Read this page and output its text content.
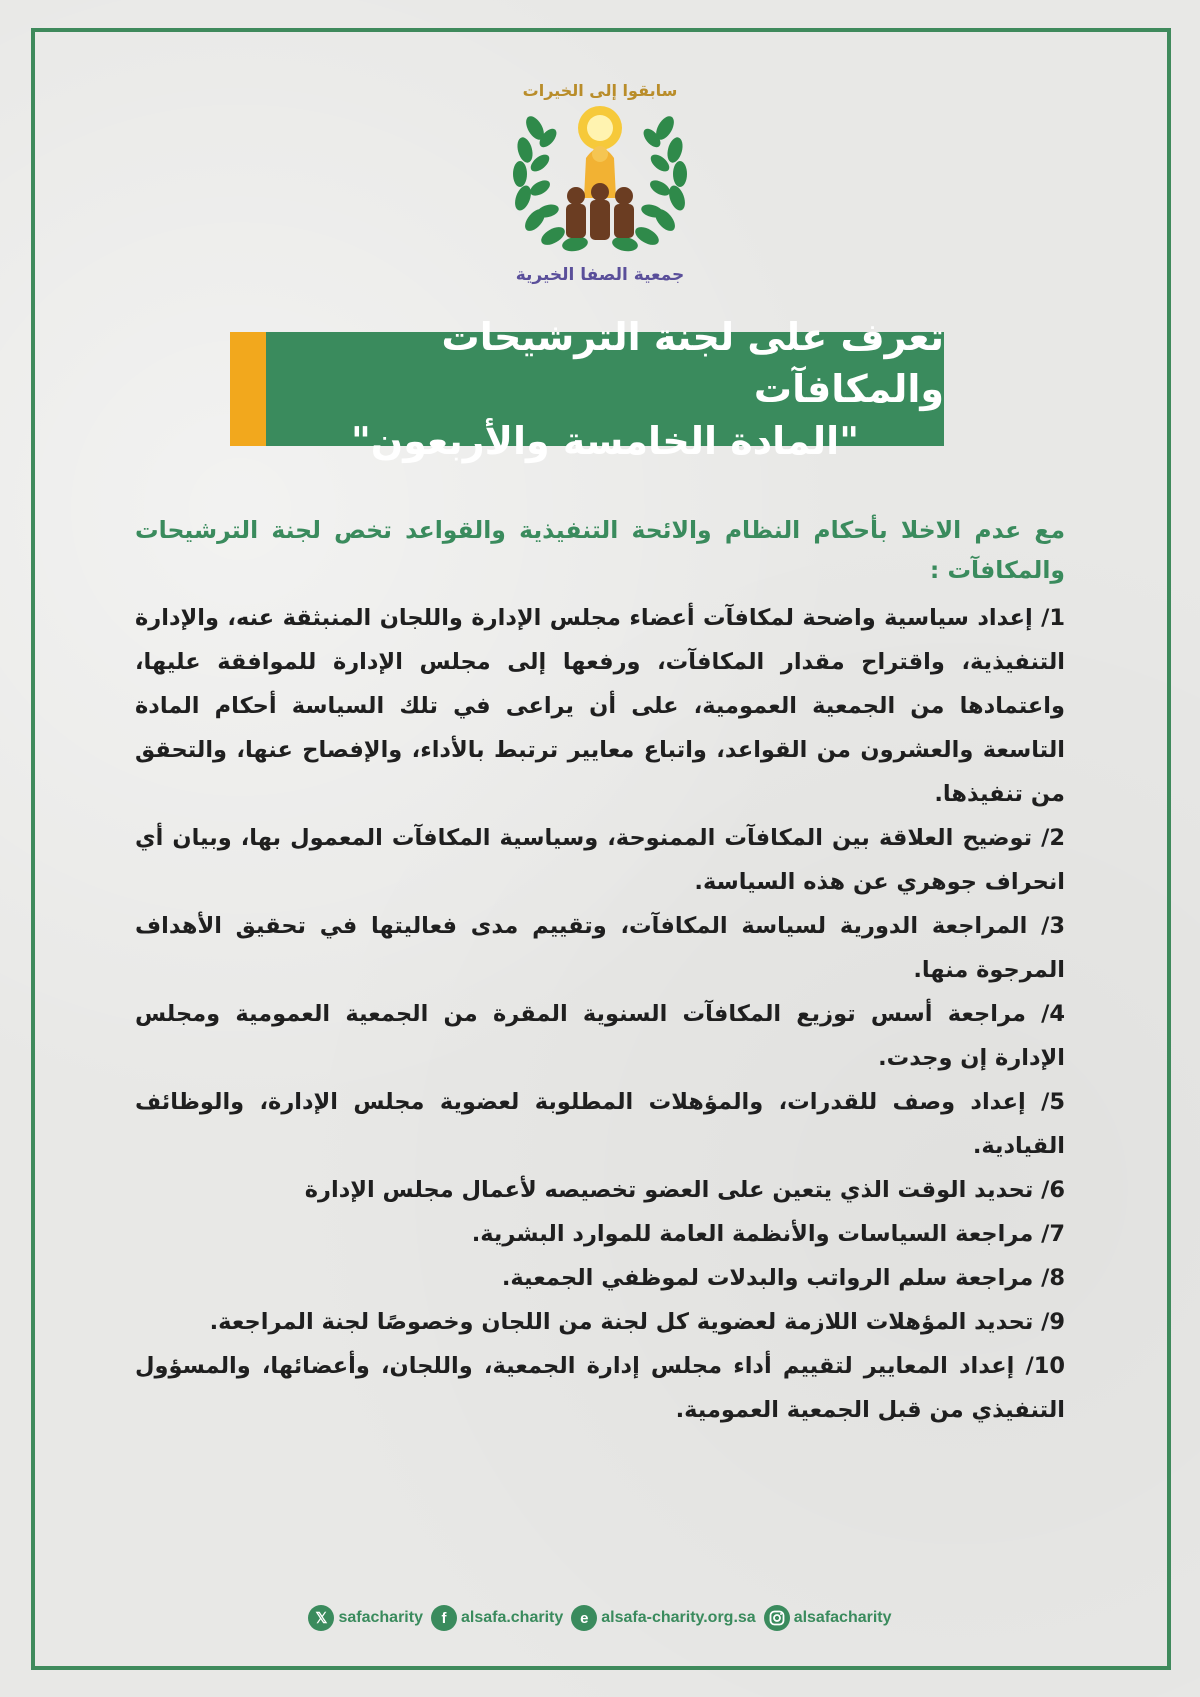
سابقوا إلى الخيرات
جمعية الصفا الخيرية
تعرف على لجنة الترشيحات والمكافآت
"المادة الخامسة والأربعون"

مع عدم الاخلا بأحكام النظام والائحة التنفيذية والقواعد تخص لجنة الترشيحات والمكافآت :

1/ إعداد سياسية واضحة لمكافآت أعضاء مجلس الإدارة واللجان المنبثقة عنه، والإدارة التنفيذية، واقتراح مقدار المكافآت، ورفعها إلى مجلس الإدارة للموافقة عليها، واعتمادها من الجمعية العمومية، على أن يراعى في تلك السياسة أحكام المادة التاسعة والعشرون من القواعد، واتباع معايير ترتبط بالأداء، والإفصاح عنها، والتحقق من تنفيذها.

2/ توضيح العلاقة بين المكافآت الممنوحة، وسياسية المكافآت المعمول بها، وبيان أي انحراف جوهري عن هذه السياسة.

3/ المراجعة الدورية لسياسة المكافآت، وتقييم مدى فعاليتها في تحقيق الأهداف المرجوة منها.

4/ مراجعة أسس توزيع المكافآت السنوية المقرة من الجمعية العمومية ومجلس الإدارة إن وجدت.

5/ إعداد وصف للقدرات، والمؤهلات المطلوبة لعضوية مجلس الإدارة، والوظائف القيادية.

6/ تحديد الوقت الذي يتعين على العضو تخصيصه لأعمال مجلس الإدارة

7/ مراجعة السياسات والأنظمة العامة للموارد البشرية.

8/ مراجعة سلم الرواتب والبدلات لموظفي الجمعية.

9/ تحديد المؤهلات اللازمة لعضوية كل لجنة من اللجان وخصوصًا لجنة المراجعة.

10/ إعداد المعايير لتقييم أداء مجلس إدارة الجمعية، واللجان، وأعضائها، والمسؤول التنفيذي من قبل الجمعية العمومية.

𝕏 safacharity	f alsafa.charity	e alsafa-charity.org.sa alsafacharity
